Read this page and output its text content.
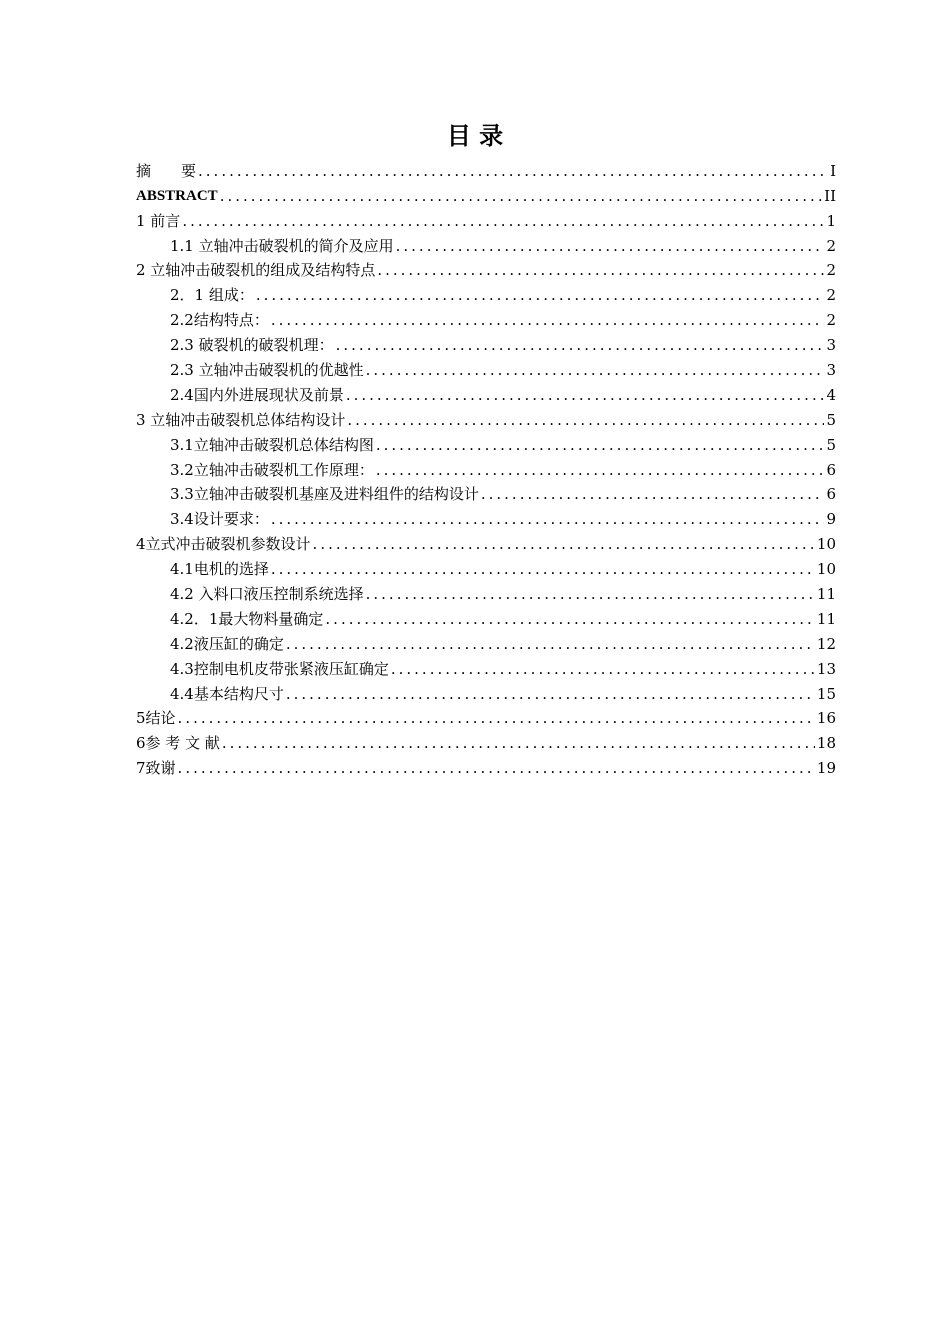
目 录
摘　　要 .....	I
ABSTRACT .....	II
1 前言 .....	1
1.1 立轴冲击破裂机的简介及应用 .....	2
2 立轴冲击破裂机的组成及结构特点 .....	2
2．1 组成： .....	2
2.2结构特点： .....	2
2.3 破裂机的破裂机理： .....	3
2.3 立轴冲击破裂机的优越性 .....	3
2.4国内外进展现状及前景 .....	4
3 立轴冲击破裂机总体结构设计 .....	5
3.1立轴冲击破裂机总体结构图 .....	5
3.2立轴冲击破裂机工作原理： .....	6
3.3立轴冲击破裂机基座及进料组件的结构设计 .....	6
3.4设计要求： .....	9
4立式冲击破裂机参数设计 .....	10
4.1电机的选择 .....	10
4.2 入料口液压控制系统选择 .....	11
4.2．1最大物料量确定 .....	11
4.2液压缸的确定 .....	12
4.3控制电机皮带张紧液压缸确定 .....	13
4.4基本结构尺寸 .....	15
5结论 .....	16
6参 考 文 献 .....	18
7致谢 .....	19
